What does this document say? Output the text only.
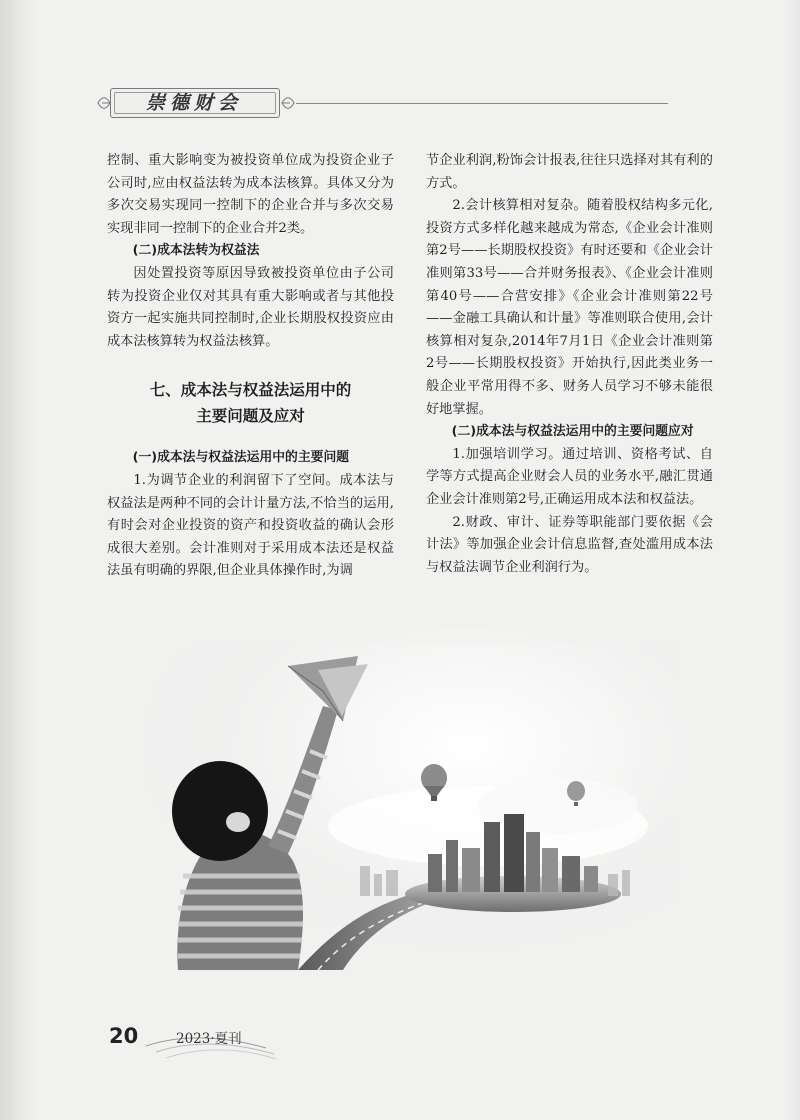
崇德财会

控制、重大影响变为被投资单位成为投资企业子公司时,应由权益法转为成本法核算。具体又分为多次交易实现同一控制下的企业合并与多次交易实现非同一控制下的企业合并2类。

(二)成本法转为权益法

因处置投资等原因导致被投资单位由子公司转为投资企业仅对其具有重大影响或者与其他投资方一起实施共同控制时,企业长期股权投资应由成本法核算转为权益法核算。

七、成本法与权益法运用中的
主要问题及应对

(一)成本法与权益法运用中的主要问题

1.为调节企业的利润留下了空间。成本法与权益法是两种不同的会计计量方法,不恰当的运用,有时会对企业投资的资产和投资收益的确认会形成很大差别。会计准则对于采用成本法还是权益法虽有明确的界限,但企业具体操作时,为调

节企业利润,粉饰会计报表,往往只选择对其有利的方式。

2.会计核算相对复杂。随着股权结构多元化,投资方式多样化越来越成为常态,《企业会计准则第2号——长期股权投资》有时还要和《企业会计准则第33号——合并财务报表》、《企业会计准则第40号——合营安排》《企业会计准则第22号——金融工具确认和计量》等准则联合使用,会计核算相对复杂,2014年7月1日《企业会计准则第2号——长期股权投资》开始执行,因此类业务一般企业平常用得不多、财务人员学习不够未能很好地掌握。

(二)成本法与权益法运用中的主要问题应对

1.加强培训学习。通过培训、资格考试、自学等方式提高企业财会人员的业务水平,融汇贯通企业会计准则第2号,正确运用成本法和权益法。

2.财政、审计、证券等职能部门要依据《会计法》等加强企业会计信息监督,查处滥用成本法与权益法调节企业利润行为。

20	2023·夏刊
